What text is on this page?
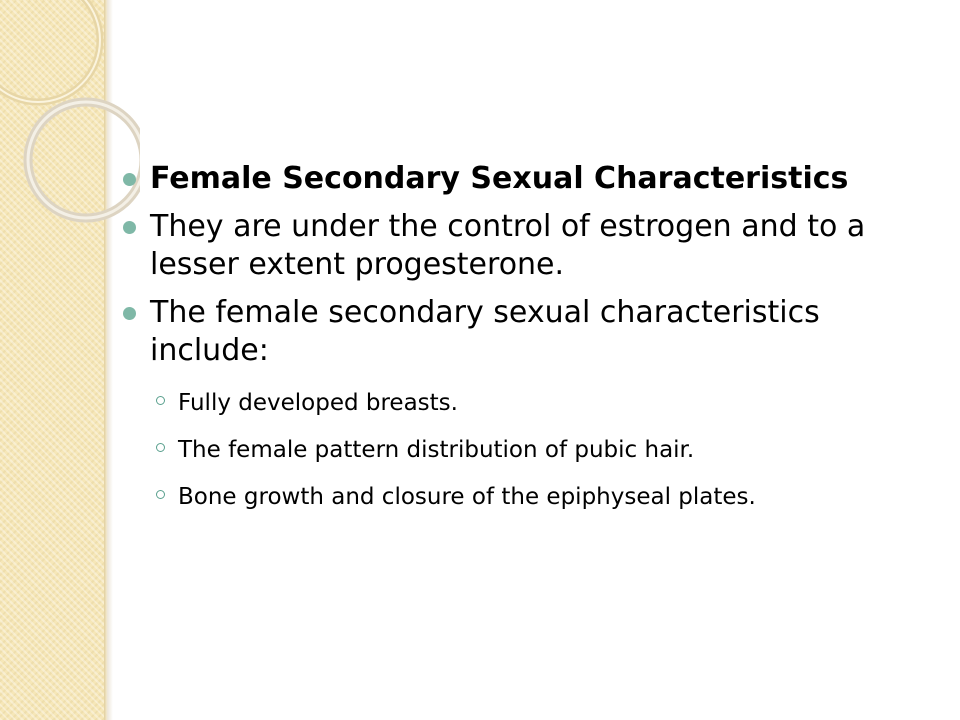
Female Secondary Sexual Characteristics
They are under the control of estrogen and to a lesser extent progesterone.
The female secondary sexual characteristics include:
Fully developed breasts.
The female pattern distribution of pubic hair.
Bone growth and closure of the epiphyseal plates.
